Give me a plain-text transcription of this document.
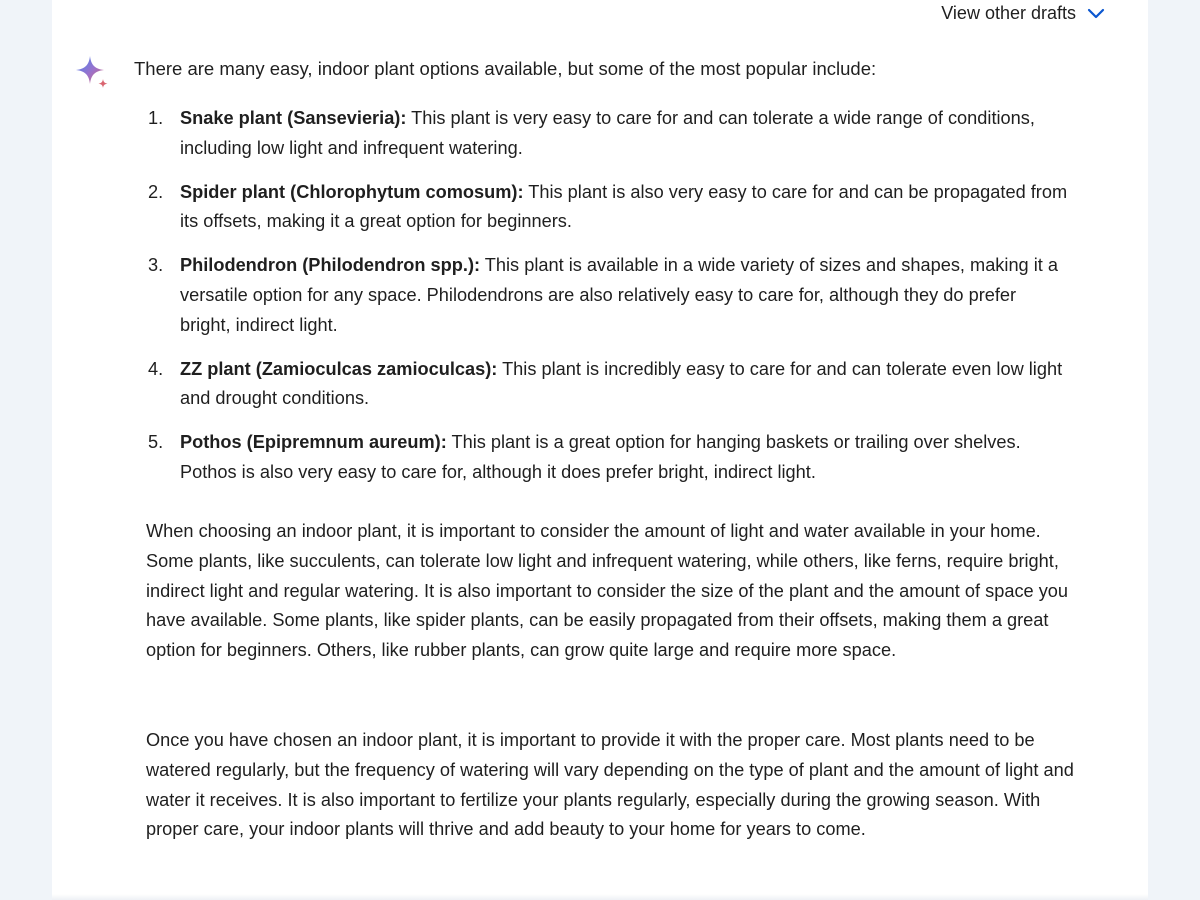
View other drafts
There are many easy, indoor plant options available, but some of the most popular include:
1. Snake plant (Sansevieria): This plant is very easy to care for and can tolerate a wide range of conditions, including low light and infrequent watering.
2. Spider plant (Chlorophytum comosum): This plant is also very easy to care for and can be propagated from its offsets, making it a great option for beginners.
3. Philodendron (Philodendron spp.): This plant is available in a wide variety of sizes and shapes, making it a versatile option for any space. Philodendrons are also relatively easy to care for, although they do prefer bright, indirect light.
4. ZZ plant (Zamioculcas zamioculcas): This plant is incredibly easy to care for and can tolerate even low light and drought conditions.
5. Pothos (Epipremnum aureum): This plant is a great option for hanging baskets or trailing over shelves. Pothos is also very easy to care for, although it does prefer bright, indirect light.

When choosing an indoor plant, it is important to consider the amount of light and water available in your home. Some plants, like succulents, can tolerate low light and infrequent watering, while others, like ferns, require bright, indirect light and regular watering. It is also important to consider the size of the plant and the amount of space you have available. Some plants, like spider plants, can be easily propagated from their offsets, making them a great option for beginners. Others, like rubber plants, can grow quite large and require more space.

Once you have chosen an indoor plant, it is important to provide it with the proper care. Most plants need to be watered regularly, but the frequency of watering will vary depending on the type of plant and the amount of light and water it receives. It is also important to fertilize your plants regularly, especially during the growing season. With proper care, your indoor plants will thrive and add beauty to your home for years to come.
